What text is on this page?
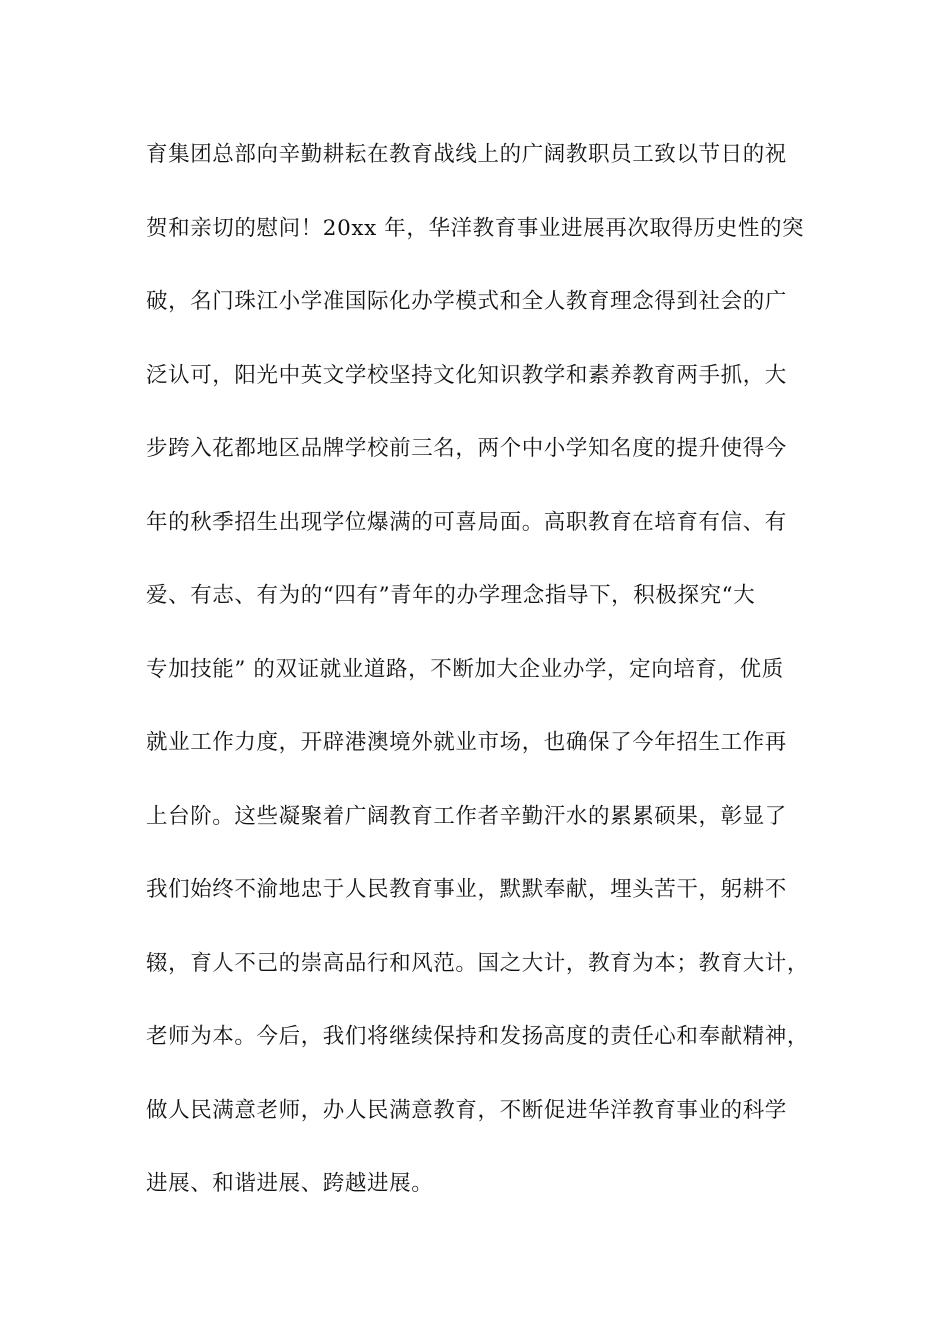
育集团总部向辛勤耕耘在教育战线上的广阔教职员工致以节日的祝
贺和亲切的慰问！20xx 年，华洋教育事业进展再次取得历史性的突
破，名门珠江小学准国际化办学模式和全人教育理念得到社会的广
泛认可，阳光中英文学校坚持文化知识教学和素养教育两手抓，大
步跨入花都地区品牌学校前三名，两个中小学知名度的提升使得今
年的秋季招生出现学位爆满的可喜局面。高职教育在培育有信、有
爱、有志、有为的“四有”青年的办学理念指导下，积极探究“大
专加技能” 的双证就业道路，不断加大企业办学，定向培育，优质
就业工作力度，开辟港澳境外就业市场，也确保了今年招生工作再
上台阶。这些凝聚着广阔教育工作者辛勤汗水的累累硕果，彰显了
我们始终不渝地忠于人民教育事业，默默奉献，埋头苦干，躬耕不
辍，育人不己的崇高品行和风范。国之大计，教育为本；教育大计，
老师为本。今后，我们将继续保持和发扬高度的责任心和奉献精神，
做人民满意老师，办人民满意教育，不断促进华洋教育事业的科学
进展、和谐进展、跨越进展。
